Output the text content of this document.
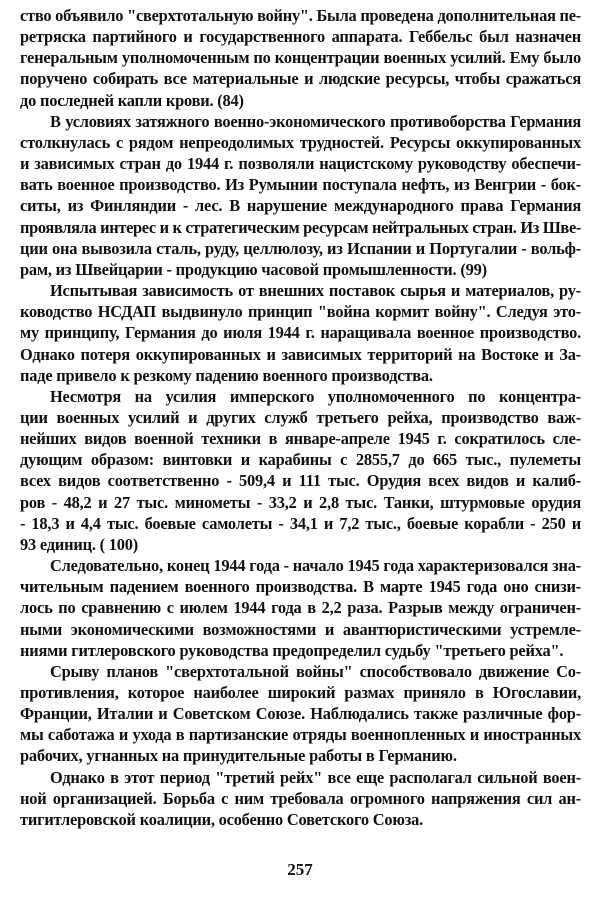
ство объявило "сверхтотальную войну". Была проведена дополнительная пе-
ретряска партийного и государственного аппарата. Геббельс был назначен
генеральным уполномоченным по концентрации военных усилий. Ему было
поручено собирать все материальные и людские ресурсы, чтобы сражаться
до последней капли крови. (84)
В условиях затяжного военно-экономического противоборства Германия
столкнулась с рядом непреодолимых трудностей. Ресурсы оккупированных
и зависимых стран до 1944 г. позволяли нацистскому руководству обеспечи-
вать военное производство. Из Румынии поступала нефть, из Венгрии - бок-
ситы, из Финляндии - лес. В нарушение международного права Германия
проявляла интерес и к стратегическим ресурсам нейтральных стран. Из Шве-
ции она вывозила сталь, руду, целлюлозу, из Испании и Португалии - вольф-
рам, из Швейцарии - продукцию часовой промышленности. (99)
Испытывая зависимость от внешних поставок сырья и материалов, ру-
ководство НСДАП выдвинуло принцип "война кормит войну". Следуя это-
му принципу, Германия до июля 1944 г. наращивала военное производство.
Однако потеря оккупированных и зависимых территорий на Востоке и За-
паде привело к резкому падению военного производства.
Несмотря на усилия имперского уполномоченного по концентра-
ции военных усилий и других служб третьего рейха, производство важ-
нейших видов военной техники в январе-апреле 1945 г. сократилось сле-
дующим образом: винтовки и карабины с 2855,7 до 665 тыс., пулеметы
всех видов соответственно - 509,4 и 111 тыс. Орудия всех видов и калиб-
ров - 48,2 и 27 тыс. минометы - 33,2 и 2,8 тыс. Танки, штурмовые орудия
- 18,3 и 4,4 тыс. боевые самолеты - 34,1 и 7,2 тыс., боевые корабли - 250 и
93 единиц. ( 100)
Следовательно, конец 1944 года - начало 1945 года характеризовался зна-
чительным падением военного производства. В марте 1945 года оно снизи-
лось по сравнению с июлем 1944 года в 2,2 раза. Разрыв между ограничен-
ными экономическими возможностями и авантюристическими устремле-
ниями гитлеровского руководства предопределил судьбу "третьего рейха".
Срыву планов "сверхтотальной войны" способствовало движение Со-
противления, которое наиболее широкий размах приняло в Югославии,
Франции, Италии и Советском Союзе. Наблюдались также различные фор-
мы саботажа и ухода в партизанские отряды военнопленных и иностранных
рабочих, угнанных на принудительные работы в Германию.
Однако в этот период "третий рейх" все еще располагал сильной воен-
ной организацией. Борьба с ним требовала огромного напряжения сил ан-
тигитлеровской коалиции, особенно Советского Союза.
257
